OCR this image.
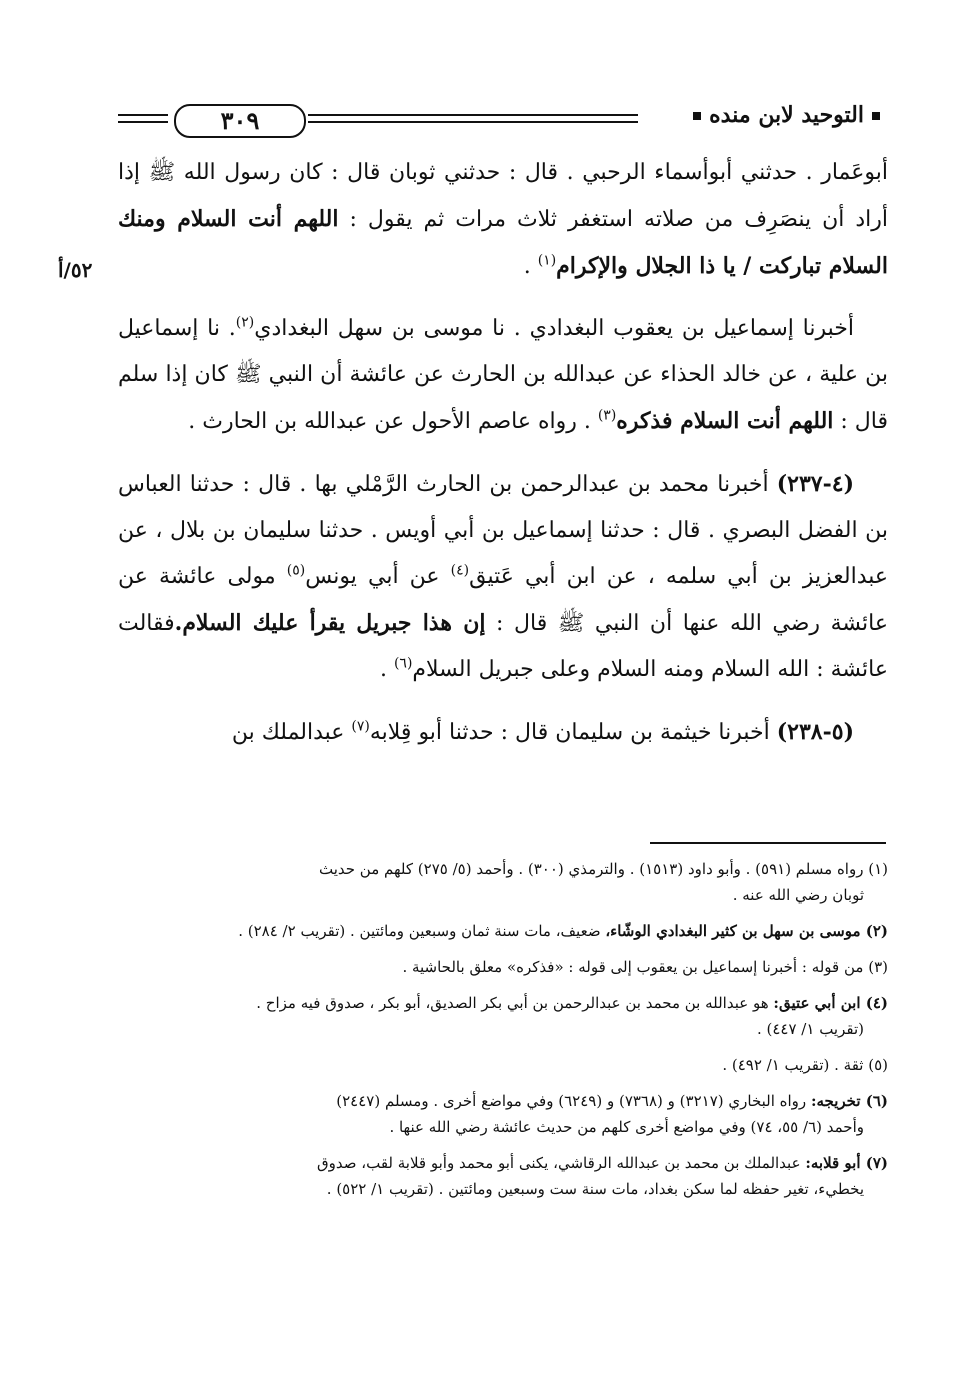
٣٠٩	التوحيد لابن منده
٥٢/أ

أبوعَمار . حدثني أبوأسماء الرحبي . قال : حدثني ثوبان قال : كان رسول الله ﷺ إذا أراد أن ينصَرِف من صلاته استغفر ثلاث مرات ثم يقول : اللهم أنت السلام ومنك السلام تباركت / يا ذا الجلال والإكرام$^{(١)}$ .

أخبرنا إسماعيل بن يعقوب البغدادي . نا موسى بن سهل البغدادي$^{(٢)}$. نا إسماعيل بن علية ، عن خالد الحذاء عن عبدالله بن الحارث عن عائشة أن النبي ﷺ كان إذا سلم قال : اللهم أنت السلام فذكره$^{(٣)}$ . رواه عاصم الأحول عن عبدالله بن الحارث .

(٤-٢٣٧) أخبرنا محمد بن عبدالرحمن بن الحارث الرَّمْلي بها . قال : حدثنا العباس بن الفضل البصري . قال : حدثنا إسماعيل بن أبي أويس . حدثنا سليمان بن بلال ، عن عبدالعزيز بن أبي سلمه ، عن ابن أبي عَتيق$^{(٤)}$ عن أبي يونس$^{(٥)}$ مولى عائشة عن عائشة رضي الله عنها أن النبي ﷺ قال : إن هذا جبريل يقرأ عليك السلام.فقالت عائشة : الله السلام ومنه السلام وعلى جبريل السلام$^{(٦)}$ .

(٥-٢٣٨) أخبرنا خيثمة بن سليمان قال : حدثنا أبو قِلابه$^{(٧)}$ عبدالملك بن

(١) رواه مسلم (٥٩١) . وأبو داود (١٥١٣) . والترمذي (٣٠٠) . وأحمد (٥/ ٢٧٥) كلهم من حديث
ثوبان رضي الله عنه .
(٢) موسى بن سهل بن كثير البغدادي الوشّاء، ضعيف، مات سنة ثمان وسبعين ومائتين . (تقريب ٢/ ٢٨٤) .
(٣) من قوله : أخبرنا إسماعيل بن يعقوب إلى قوله : «فذكره» معلق بالحاشية .
(٤) ابن أبي عتيق: هو عبدالله بن محمد بن عبدالرحمن بن أبي بكر الصديق، أبو بكر ، صدوق فيه مزاح .
(تقريب ١/ ٤٤٧) .
(٥) ثقة . (تقريب ١/ ٤٩٢) .
(٦) تخريجه: رواه البخاري (٣٢١٧) و (٧٣٦٨) و (٦٢٤٩) وفي مواضع أخرى . ومسلم (٢٤٤٧)
وأحمد (٦/ ٥٥، ٧٤) وفي مواضع أخرى كلهم من حديث عائشة رضي الله عنها .
(٧) أبو قلابه: عبدالملك بن محمد بن عبدالله الرقاشي، يكنى أبو محمد وأبو قلابة لقب، صدوق
يخطيء، تغير حفظه لما سكن بغداد، مات سنة ست وسبعين ومائتين . (تقريب ١/ ٥٢٢) .
